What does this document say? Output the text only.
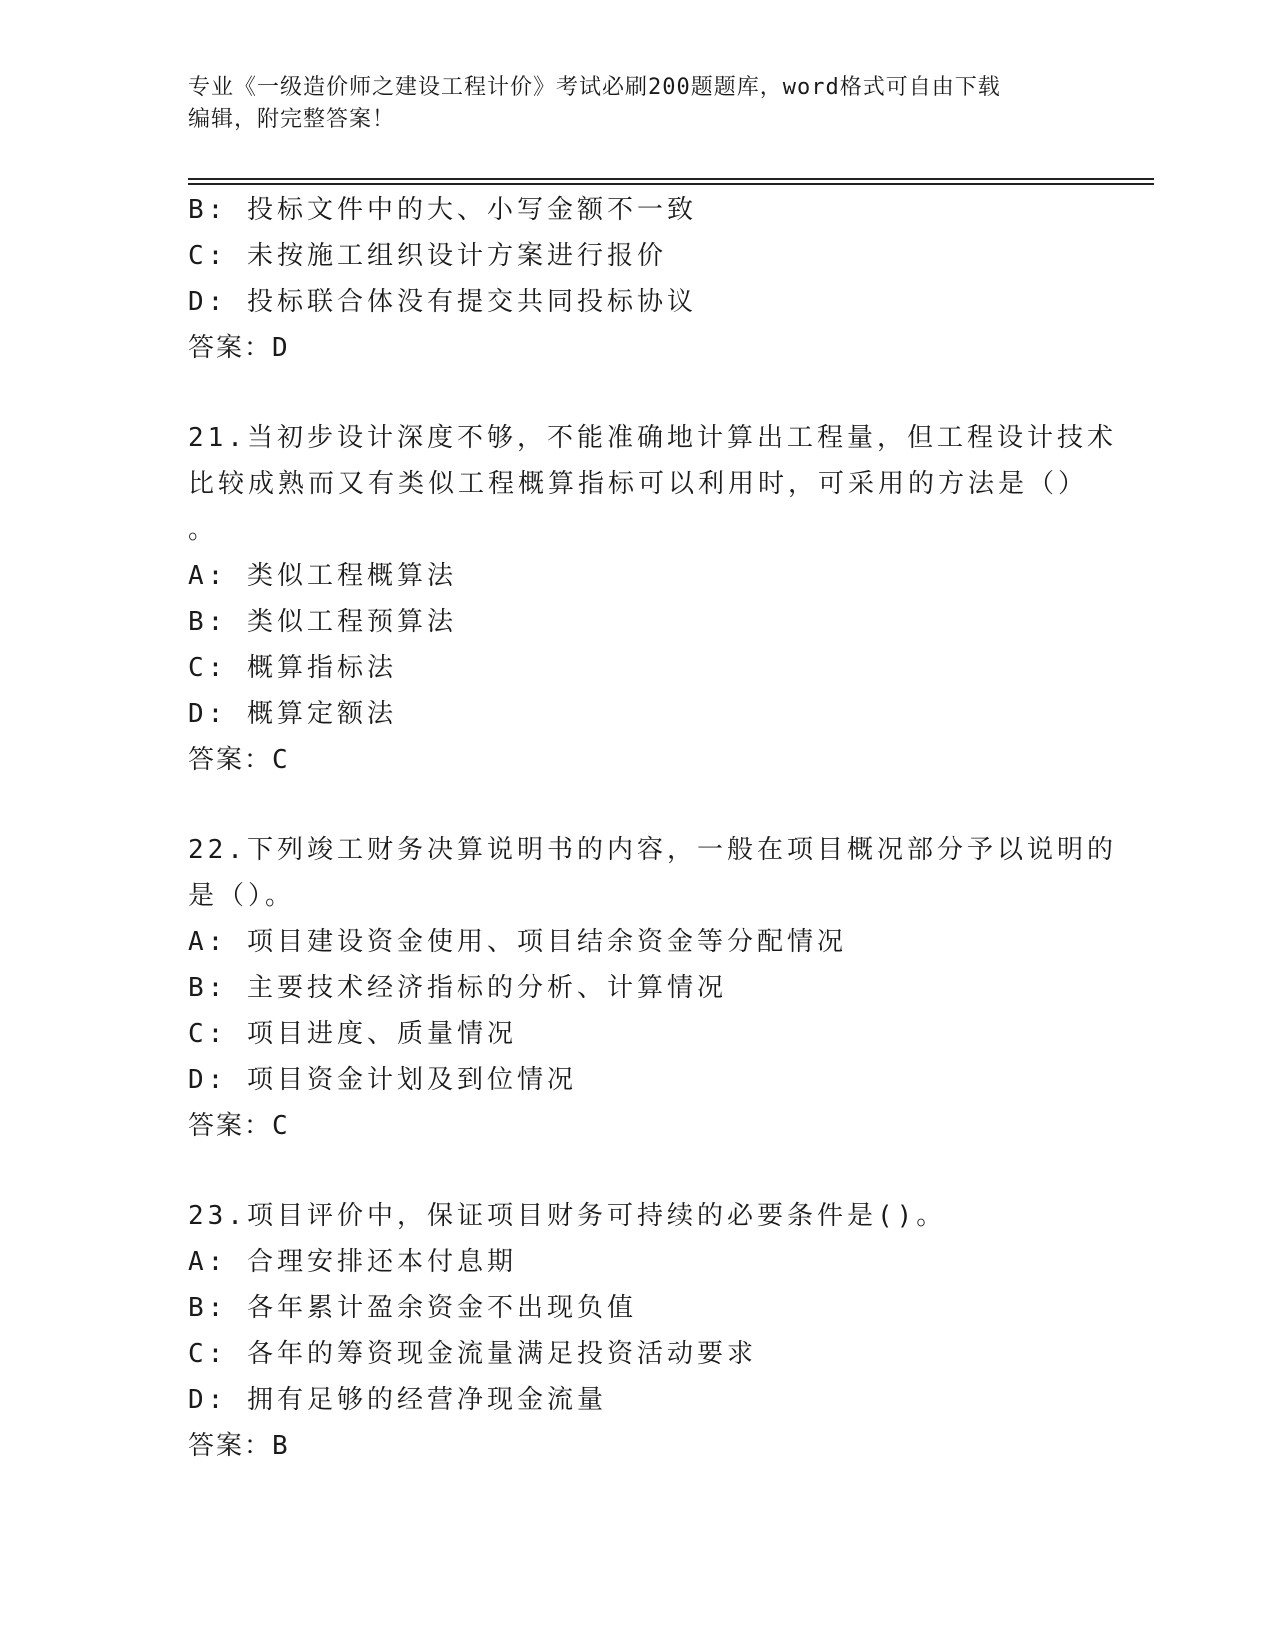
专业《一级造价师之建设工程计价》考试必刷200题题库，word格式可自由下载
编辑，附完整答案！
B: 投标文件中的大、小写金额不一致
C: 未按施工组织设计方案进行报价
D: 投标联合体没有提交共同投标协议
答案：D
21.当初步设计深度不够，不能准确地计算出工程量，但工程设计技术
比较成熟而又有类似工程概算指标可以利用时，可采用的方法是（）
。
A: 类似工程概算法
B: 类似工程预算法
C: 概算指标法
D: 概算定额法
答案：C
22.下列竣工财务决算说明书的内容，一般在项目概况部分予以说明的
是（）。
A: 项目建设资金使用、项目结余资金等分配情况
B: 主要技术经济指标的分析、计算情况
C: 项目进度、质量情况
D: 项目资金计划及到位情况
答案：C
23.项目评价中，保证项目财务可持续的必要条件是()。
A: 合理安排还本付息期
B: 各年累计盈余资金不出现负值
C: 各年的筹资现金流量满足投资活动要求
D: 拥有足够的经营净现金流量
答案：B
